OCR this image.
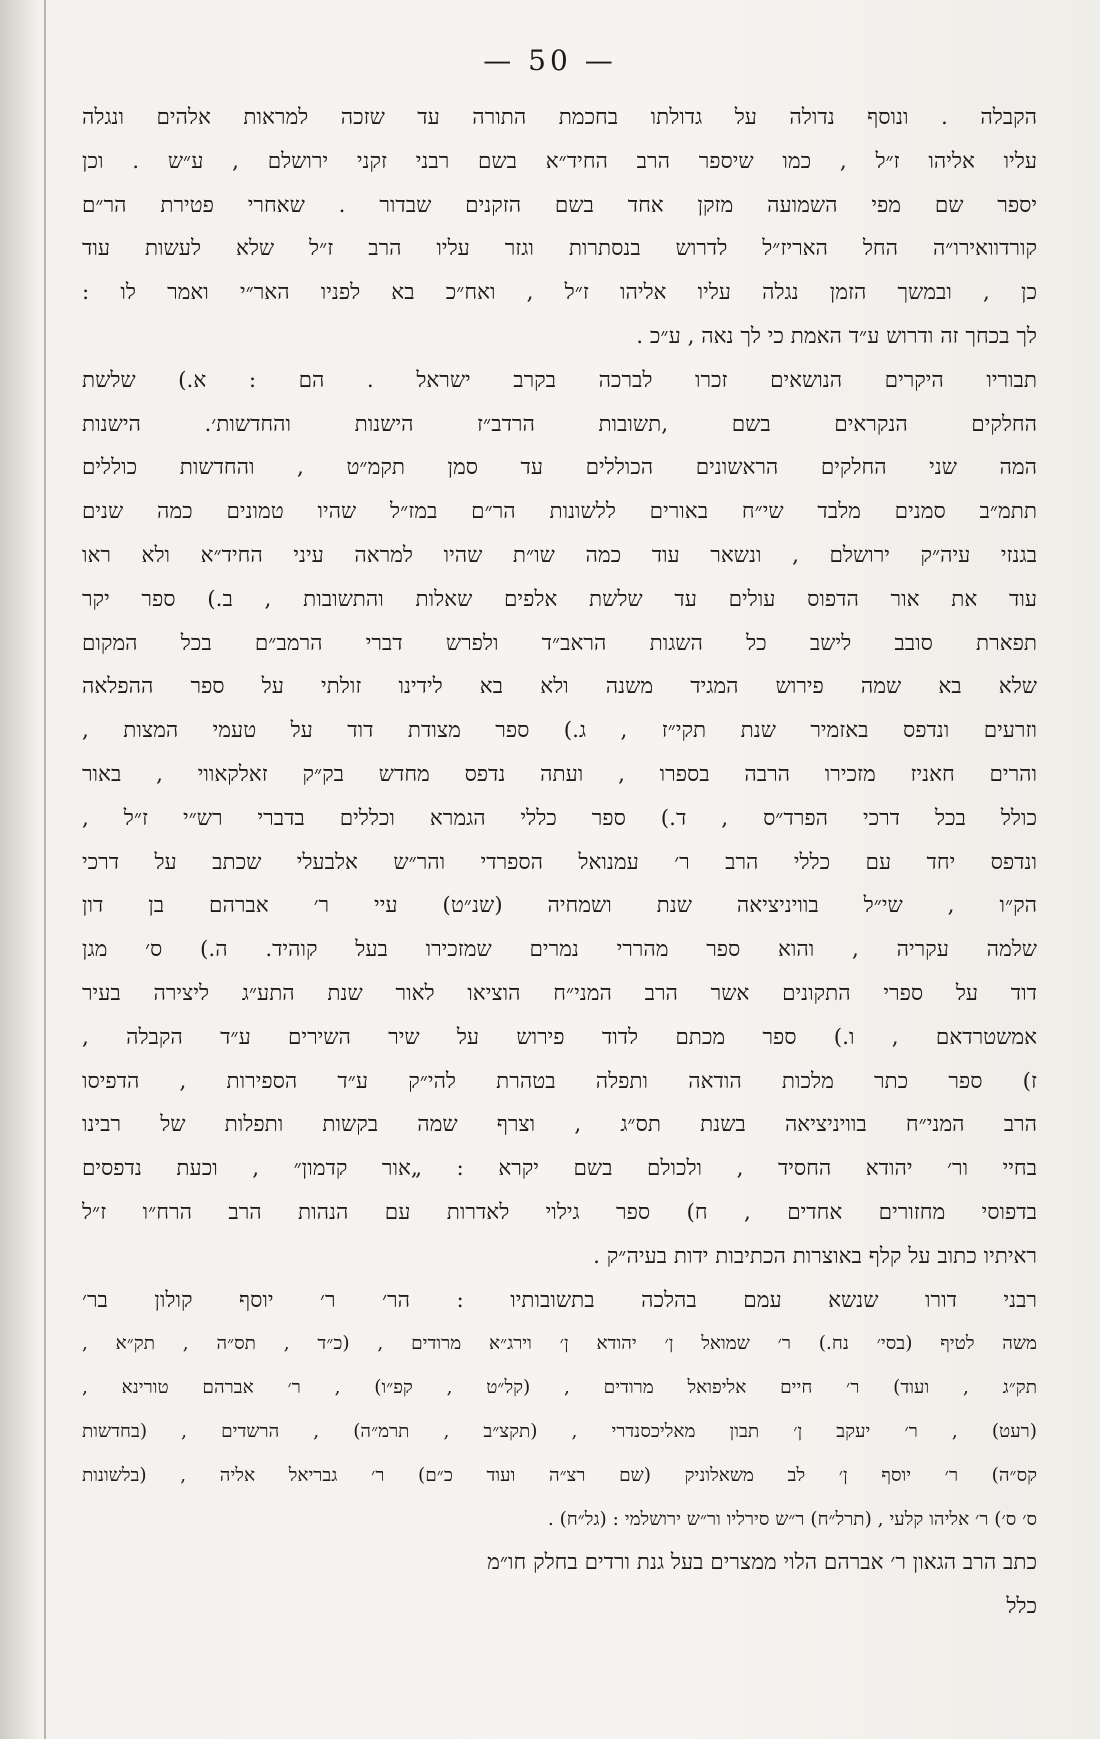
— 50 —
הקבלה . ונוסף נדולה על גדולתו בחכמת התורה עד שזכה למראות אלהים ונגלה
עליו אליהו ז״ל , כמו שיספר הרב החיד״א בשם רבני זקני ירושלם , ע״ש . וכן
יספר שם מפי השמועה מזקן אחד בשם הזקנים שבדור . שאחרי פטירת הר״ם
קורדוואירו״ה החל האריז״ל לדרוש בנסתרות וגזר עליו הרב ז״ל שלא לעשות עוד
כן , ובמשך הזמן נגלה עליו אליהו ז״ל , ואח״כ בא לפניו האר״י ואמר לו :
לך בכחך זה ודרוש ע״ד האמת כי לך נאה , ע״כ .
תבוריו היקרים הנושאים זכרו לברכה בקרב ישראל . הם : א.) שלשת
החלקים הנקראים בשם ,תשובות הרדב״ז הישנות והחדשות׳. הישנות
המה שני החלקים הראשונים הכוללים עד סמן תקמ״ט , והחדשות כוללים
תתמ״ב סמנים מלבד שי״ח באורים ללשונות הר״ם במז״ל שהיו טמונים כמה שנים
בגנזי עיה״ק ירושלם , ונשאר עוד כמה שו״ת שהיו למראה עיני החיד״א ולא ראו
עוד את אור הדפוס עולים עד שלשת אלפים שאלות והתשובות , ב.) ספר יקר
תפארת סובב לישב כל השגות הראב״ד ולפרש דברי הרמב״ם בכל המקום
שלא בא שמה פירוש המגיד משנה ולא בא לידינו זולתי על ספר ההפלאה
וזרעים ונדפס באזמיר שנת תקי״ז , ג.) ספר מצודת דוד על טעמי המצות ,
והרים חאניז מזכירו הרבה בספרו , ועתה נדפס מחדש בק״ק זאלקאווי , באור
כולל בכל דרכי הפרד״ס , ד.) ספר כללי הגמרא וכללים בדברי רש״י ז״ל ,
ונדפס יחד עם כללי הרב ר׳ עמנואל הספרדי והר״ש אלבעלי שכתב על דרכי
הק״ו , שי״ל בוויניציאה שנת ושמחיה (שנ״ט) עיי ר׳ אברהם בן דון
שלמה עקריה , והוא ספר מהררי נמרים שמזכירו בעל קוהיד. ה.) ס׳ מגן
דוד על ספרי התקונים אשר הרב המני״ח הוציאו לאור שנת התע״ג ליצירה בעיר
אמשטרדאם , ו.) ספר מכתם לדוד פירוש על שיר השירים ע״ד הקבלה ,
ז) ספר כתר מלכות הודאה ותפלה בטהרת להי״ק ע״ד הספירות , הדפיסו
הרב המני״ח בוויניציאה בשנת תס״ג , וצרף שמה בקשות ותפלות של רבינו
בחיי ור׳ יהודא החסיד , ולכולם בשם יקרא : „אור קדמון״ , וכעת נדפסים
בדפוסי מחזורים אחדים , ח) ספר גילוי לאדרות עם הנהות הרב הרח״ו ז״ל
ראיתיו כתוב על קלף באוצרות הכתיבות ידות בעיה״ק .
רבני דורו שנשא עמם בהלכה בתשובותיו : הר׳ ר׳ יוסף קולון בר׳
משה לטיף (בסי׳ נח.) ר׳ שמואל ן׳ יהודא ן׳ וירג״א מרודים , (כ״ד , תס״ה , תק״א ,
תק״ג , ועוד) ר׳ חיים אליפואל מרודים , (קל״ט , קפ״ו) , ר׳ אברהם טורינא ,
(רעט) , ר׳ יעקב ן׳ תבון מאליכסנדרי , (תקצ״ב , תרמ״ה) , הרשדים , (בחדשות
קס״ה) ר׳ יוסף ן׳ לב משאלוניק (שם רצ״ה ועוד כ״ם) ר׳ גבריאל אליה , (בלשונות
ס׳ ס׳) ר׳ אליהו קלעי , (תרל״ח) ר״ש סירליו ור״ש ירושלמי : (גל״ח) .
כתב הרב הגאון ר׳ אברהם הלוי ממצרים בעל גנת ורדים בחלק חו״מ
כלל
